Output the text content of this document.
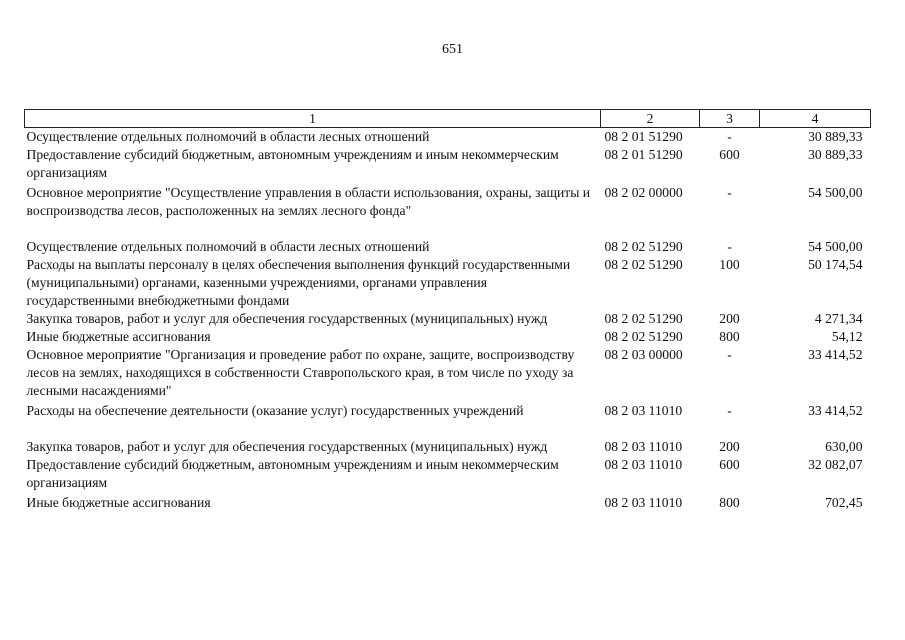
651
1	2	3	4
Осуществление отдельных полномочий в области лесных отношений	08 2 01 51290	-	30 889,33
Предоставление субсидий бюджетным, автономным учреждениям и иным некоммерческим организациям	08 2 01 51290	600	30 889,33
Основное мероприятие "Осуществление управления в области использования, охраны, защиты и воспроизводства лесов, расположенных на землях лесного фонда"	08 2 02 00000	-	54 500,00
Осуществление отдельных полномочий в области лесных отношений	08 2 02 51290	-	54 500,00
Расходы на выплаты персоналу в целях обеспечения выполнения функций государственными (муниципальными) органами, казенными учреждениями, органами управления государственными внебюджетными фондами	08 2 02 51290	100	50 174,54
Закупка товаров, работ и услуг для обеспечения государственных (муниципальных) нужд	08 2 02 51290	200	4 271,34
Иные бюджетные ассигнования	08 2 02 51290	800	54,12
Основное мероприятие "Организация и проведение работ по охране, защите, воспроизводству лесов на землях, находящихся в собственности Ставропольского края, в том числе по уходу за лесными насаждениями"	08 2 03 00000	-	33 414,52
Расходы на обеспечение деятельности (оказание услуг) государственных учреждений	08 2 03 11010	-	33 414,52
Закупка товаров, работ и услуг для обеспечения государственных (муниципальных) нужд	08 2 03 11010	200	630,00
Предоставление субсидий бюджетным, автономным учреждениям и иным некоммерческим организациям	08 2 03 11010	600	32 082,07
Иные бюджетные ассигнования	08 2 03 11010	800	702,45
